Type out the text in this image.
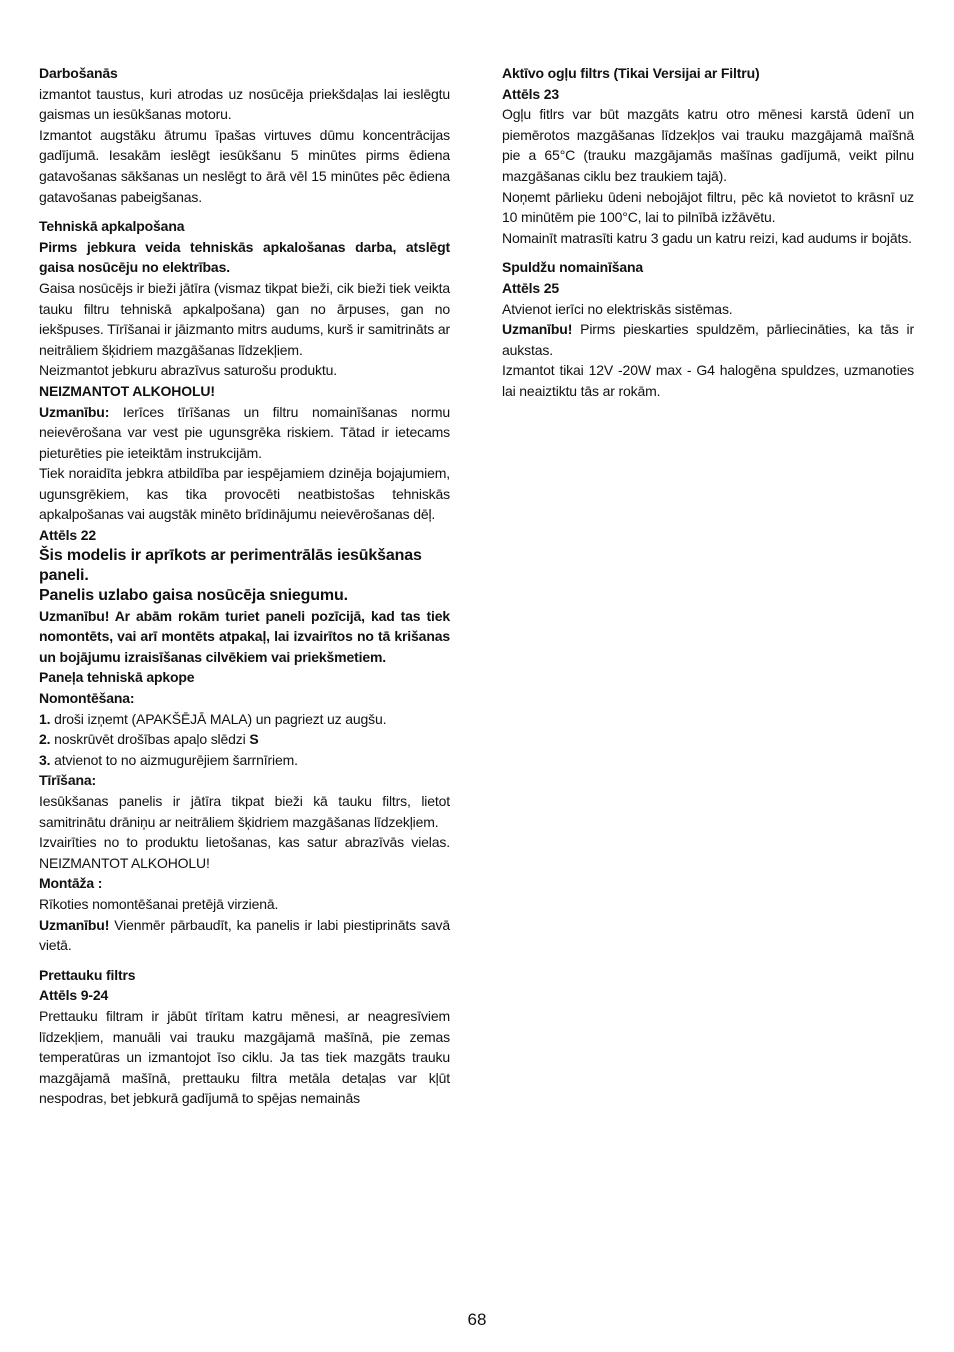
Darbošanās

izmantot taustus, kuri atrodas uz nosūcēja priekšdaļas lai ieslēgtu gaismas un iesūkšanas motoru.

Izmantot augstāku ātrumu īpašas virtuves dūmu koncentrācijas gadījumā. Iesakām ieslēgt iesūkšanu 5 minūtes pirms ēdiena gatavošanas sākšanas un neslēgt to ārā vēl 15 minūtes pēc ēdiena gatavošanas pabeigšanas.

Tehniskā apkalpošana

Pirms jebkura veida tehniskās apkalošanas darba, atslēgt gaisa nosūcēju no elektrības.

Gaisa nosūcējs ir bieži jātīra (vismaz tikpat bieži, cik bieži tiek veikta tauku filtru tehniskā apkalpošana) gan no ārpuses, gan no iekšpuses. Tīrīšanai ir jāizmanto mitrs audums, kurš ir samitrināts ar neitrāliem šķidriem mazgāšanas līdzekļiem.

Neizmantot jebkuru abrazīvus saturošu produktu.

NEIZMANTOT ALKOHOLU!

Uzmanību: Ierīces tīrīšanas un filtru nomainīšanas normu neievērošana var vest pie ugunsgrēka riskiem. Tātad ir ietecams pieturēties pie ieteiktām instrukcijām.

Tiek noraidīta jebkra atbildība par iespējamiem dzinēja bojajumiem, ugunsgrēkiem, kas tika provocēti neatbistošas tehniskās apkalpošanas vai augstāk minēto brīdinājumu neievērošanas dēļ.

Attēls 22

Šis modelis ir aprīkots ar perimentrālās iesūkšanas paneli.

Panelis uzlabo gaisa nosūcēja sniegumu.

Uzmanību! Ar abām rokām turiet paneli pozīcijā, kad tas tiek nomontēts, vai arī montēts atpakaļ, lai izvairītos no tā krišanas un bojājumu izraisīšanas cilvēkiem vai priekšmetiem.

Paneļa tehniskā apkope

Nomontēšana:

1. droši izņemt (APAKŠĒJĀ MALA) un pagriezt uz augšu.

2. noskrūvēt drošības apaļo slēdzi S

3. atvienot to no aizmugurējiem šarrnīriem.

Tīrīšana:

Iesūkšanas panelis ir jātīra tikpat bieži kā tauku filtrs, lietot samitrinātu drāniņu ar neitrāliem šķidriem mazgāšanas līdzekļiem.

Izvairīties no to produktu lietošanas, kas satur abrazīvās vielas. NEIZMANTOT ALKOHOLU!

Montāža :

Rīkoties nomontēšanai pretējā virzienā.

Uzmanību! Vienmēr pārbaudīt, ka panelis ir labi piestiprināts savā vietā.

Prettauku filtrs

Attēls 9-24

Prettauku filtram ir jābūt tīrītam katru mēnesi, ar neagresīviem līdzekļiem, manuāli vai trauku mazgājamā mašīnā, pie zemas temperatūras un izmantojot īso ciklu. Ja tas tiek mazgāts trauku mazgājamā mašīnā, prettauku filtra metāla detaļas var kļūt nespodras, bet jebkurā gadījumā to spējas nemainās

Aktīvo ogļu filtrs (Tikai Versijai ar Filtru)

Attēls 23

Ogļu fitlrs var būt mazgāts katru otro mēnesi karstā ūdenī un piemērotos mazgāšanas līdzekļos vai trauku mazgājamā maīšnā pie a 65°C (trauku mazgājamās mašīnas gadījumā, veikt pilnu mazgāšanas ciklu bez traukiem tajā).

Noņemt pārlieku ūdeni nebojājot filtru, pēc kā novietot to krāsnī uz 10 minūtēm pie 100°C, lai to pilnībā izžāvētu.

Nomainīt matrasīti katru 3 gadu un katru reizi, kad audums ir bojāts.

Spuldžu nomainīšana

Attēls 25

Atvienot ierīci no elektriskās sistēmas.

Uzmanību! Pirms pieskarties spuldzēm, pārliecināties, ka tās ir aukstas.

Izmantot tikai 12V -20W max - G4 halogēna spuldzes, uzmanoties lai neaiztiktu tās ar rokām.

68
